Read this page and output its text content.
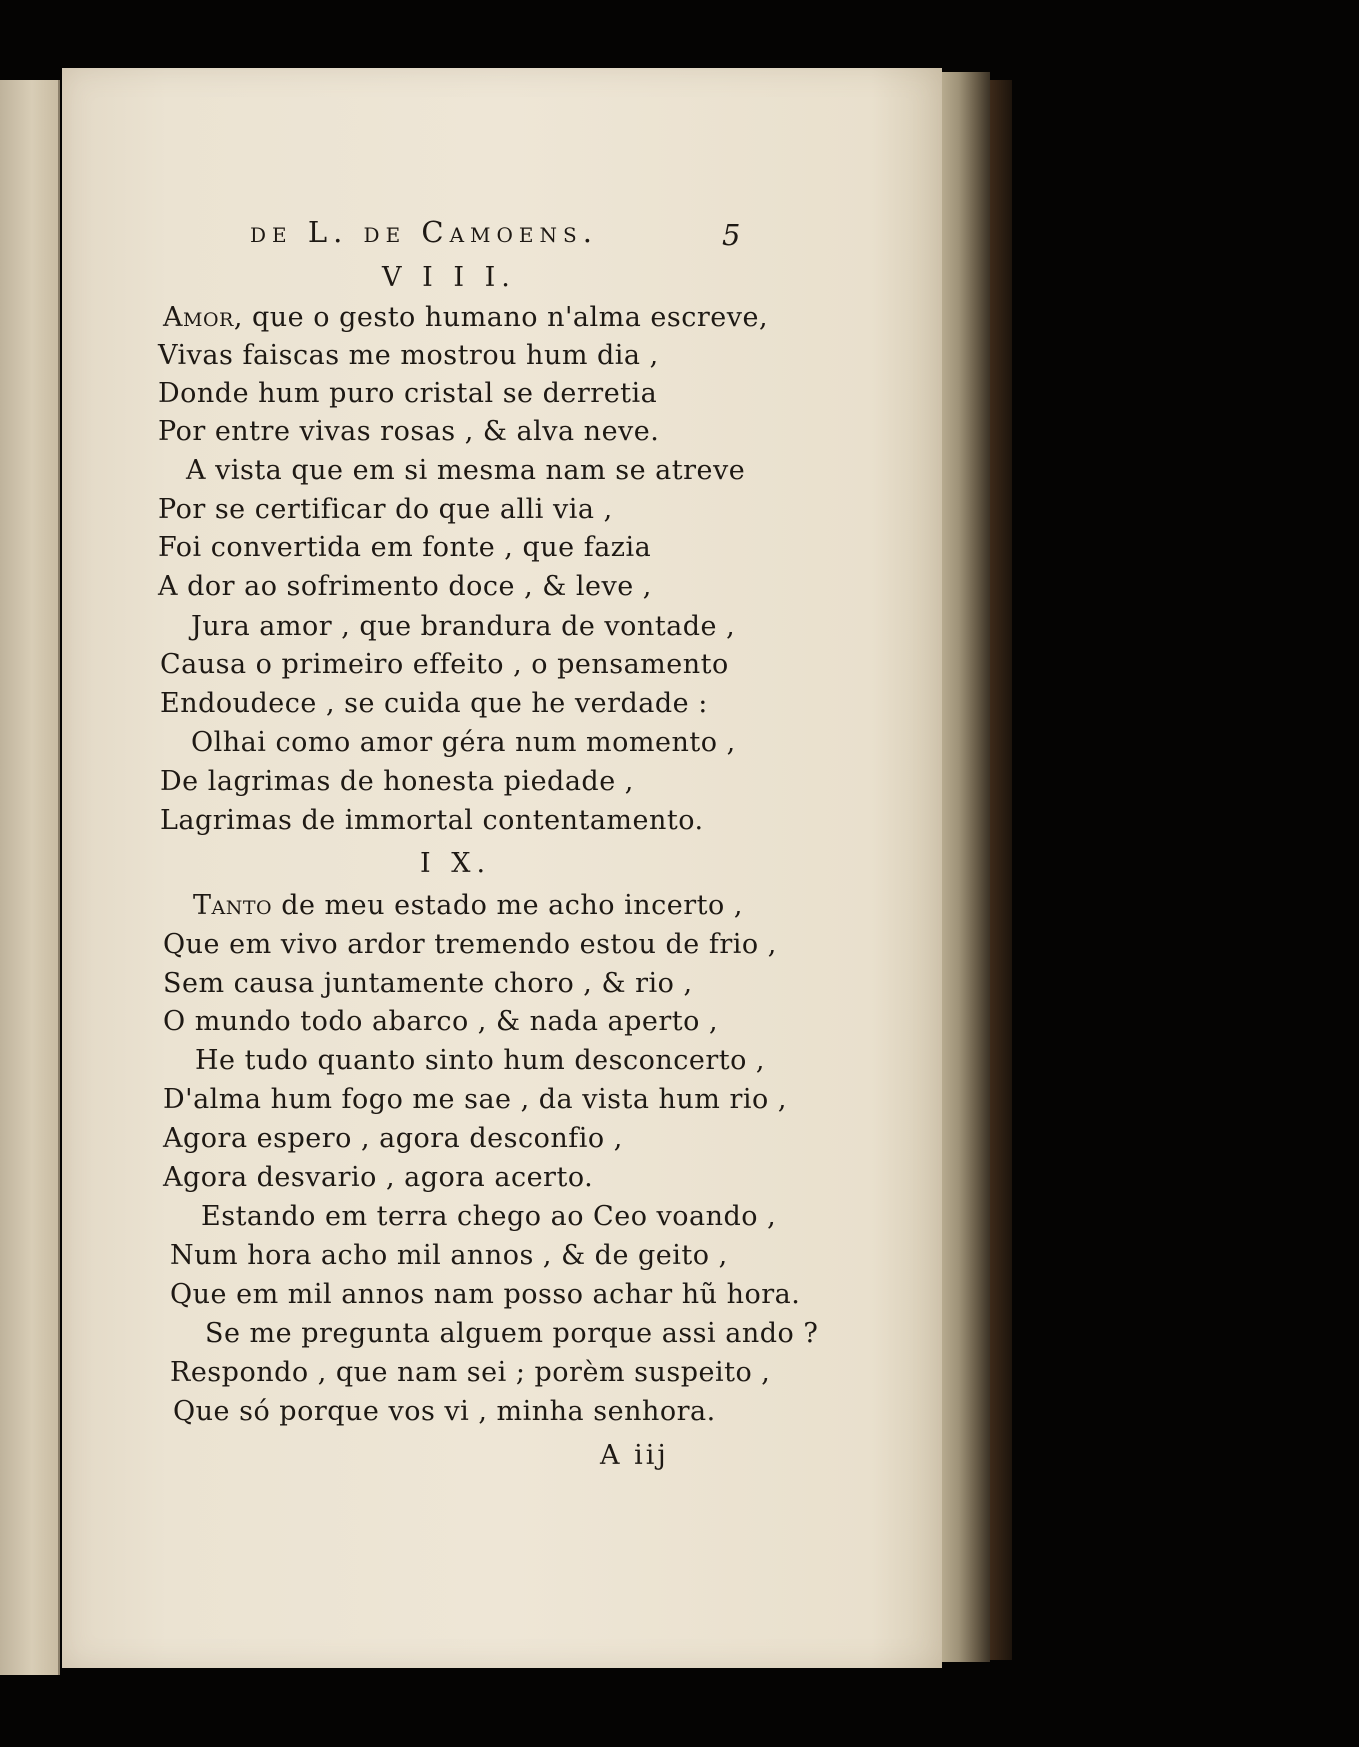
de L. de Camoens.	5
V I I I.
Amor, que o gesto humano n'alma escreve,
Vivas faiscas me mostrou hum dia ,
Donde hum puro cristal se derretia
Por entre vivas rosas , & alva neve.
A vista que em si mesma nam se atreve
Por se certificar do que alli via ,
Foi convertida em fonte , que fazia
A dor ao sofrimento doce , & leve ,
Jura amor , que brandura de vontade ,
Causa o primeiro effeito , o pensamento
Endoudece , se cuida que he verdade :
Olhai como amor géra num momento ,
De lagrimas de honesta piedade ,
Lagrimas de immortal contentamento.
I X.
Tanto de meu estado me acho incerto ,
Que em vivo ardor tremendo estou de frio ,
Sem causa juntamente choro , & rio ,
O mundo todo abarco , & nada aperto ,
He tudo quanto sinto hum desconcerto ,
D'alma hum fogo me sae , da vista hum rio ,
Agora espero , agora desconfio ,
Agora desvario , agora acerto.
Estando em terra chego ao Ceo voando ,
Num hora acho mil annos , & de geito ,
Que em mil annos nam posso achar hũ hora.
Se me pregunta alguem porque assi ando ?
Respondo , que nam sei ; porèm suspeito ,
Que só porque vos vi , minha senhora.
A iij
